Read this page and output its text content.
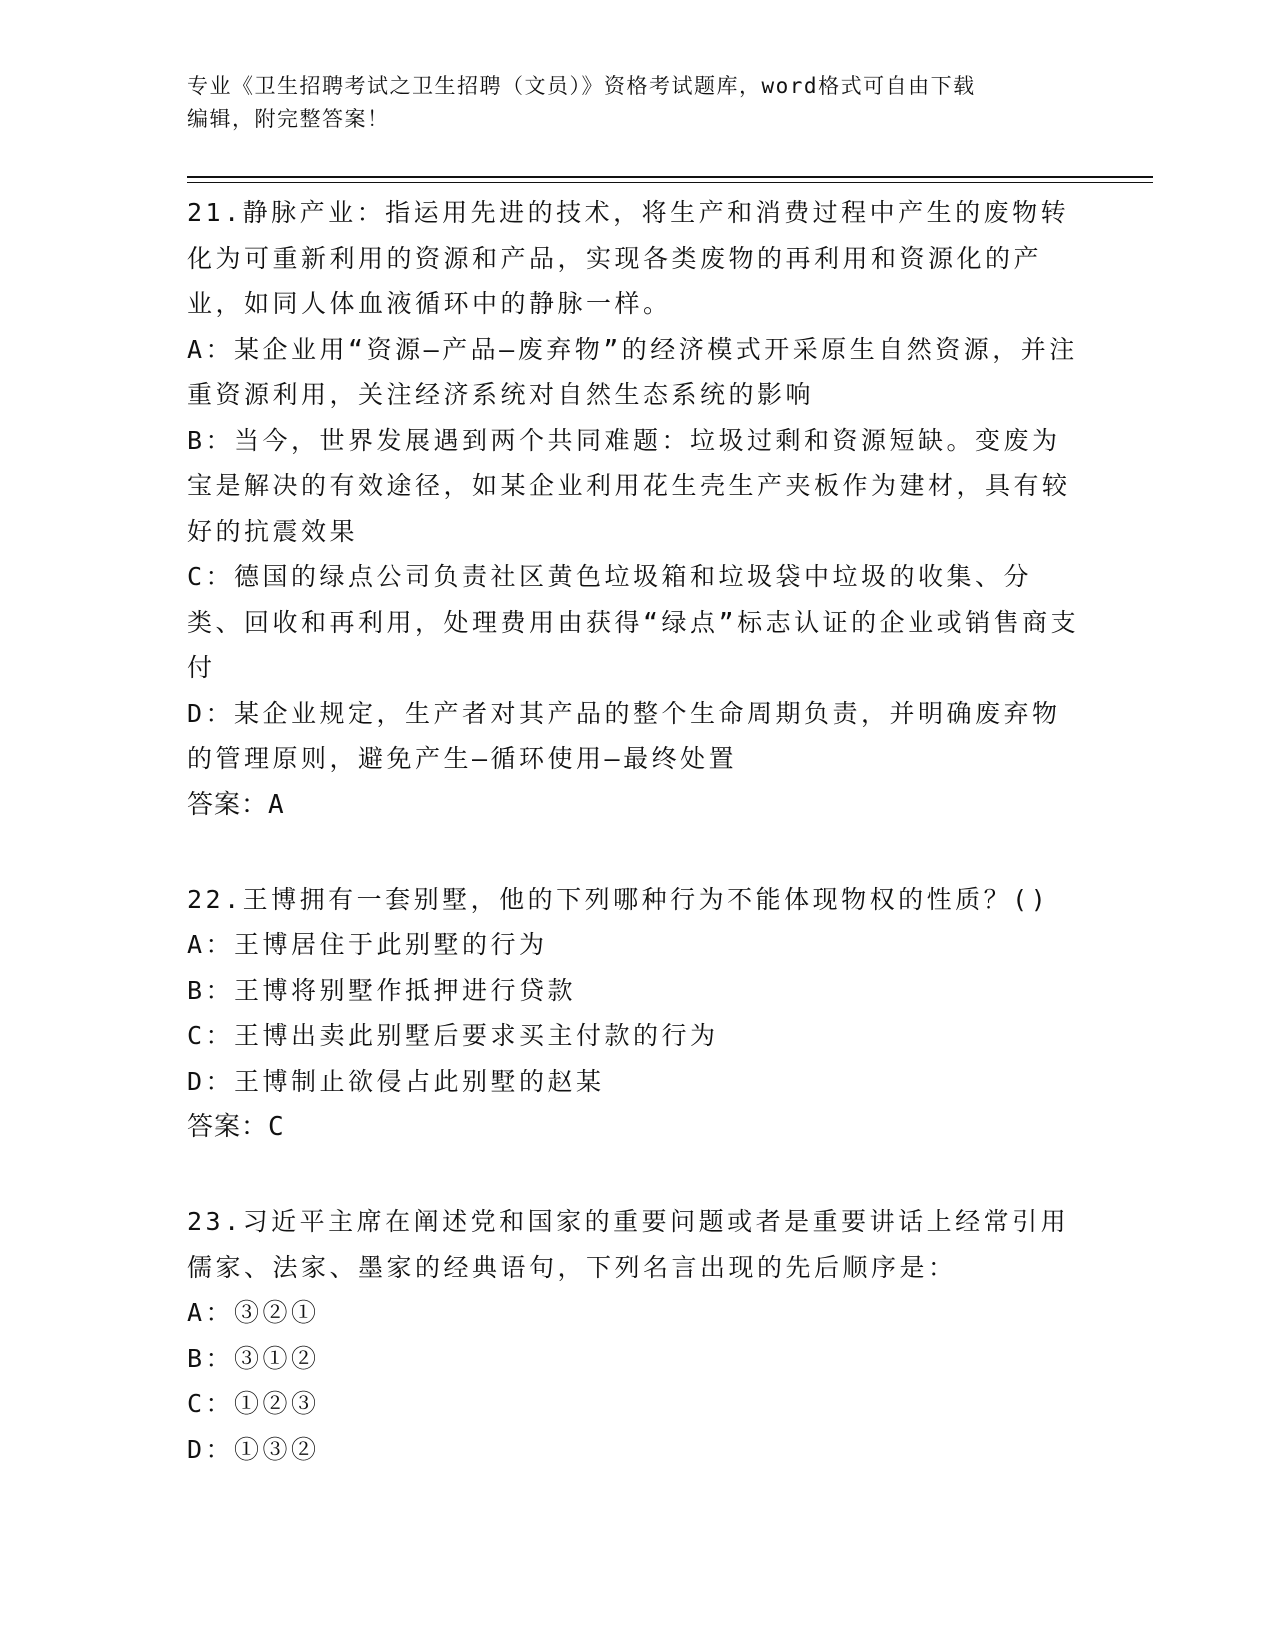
专业《卫生招聘考试之卫生招聘（文员）》资格考试题库，word格式可自由下载
编辑，附完整答案！

21.静脉产业：指运用先进的技术，将生产和消费过程中产生的废物转化为可重新利用的资源和产品，实现各类废物的再利用和资源化的产业，如同人体血液循环中的静脉一样。

A：某企业用“资源—产品—废弃物”的经济模式开采原生自然资源，并注重资源利用，关注经济系统对自然生态系统的影响

B：当今，世界发展遇到两个共同难题：垃圾过剩和资源短缺。变废为宝是解决的有效途径，如某企业利用花生壳生产夹板作为建材，具有较好的抗震效果

C：德国的绿点公司负责社区黄色垃圾箱和垃圾袋中垃圾的收集、分类、回收和再利用，处理费用由获得“绿点”标志认证的企业或销售商支付

D：某企业规定，生产者对其产品的整个生命周期负责，并明确废弃物的管理原则，避免产生—循环使用—最终处置

答案：A

22.王博拥有一套别墅，他的下列哪种行为不能体现物权的性质？()

A：王博居住于此别墅的行为

B：王博将别墅作抵押进行贷款

C：王博出卖此别墅后要求买主付款的行为

D：王博制止欲侵占此别墅的赵某

答案：C

23.习近平主席在阐述党和国家的重要问题或者是重要讲话上经常引用儒家、法家、墨家的经典语句，下列名言出现的先后顺序是：

A：③②①

B：③①②

C：①②③

D：①③②
